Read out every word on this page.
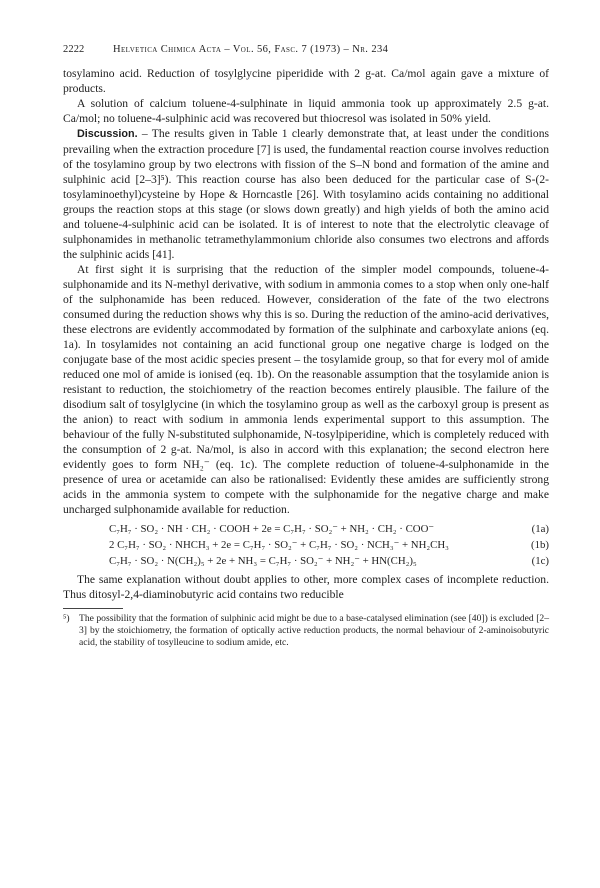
2222	Helvetica Chimica Acta – Vol. 56, Fasc. 7 (1973) – Nr. 234

tosylamino acid. Reduction of tosylglycine piperidide with 2 g-at. Ca/mol again gave a mixture of products.

A solution of calcium toluene-4-sulphinate in liquid ammonia took up approximately 2.5 g-at. Ca/mol; no toluene-4-sulphinic acid was recovered but thiocresol was isolated in 50% yield.

Discussion. – The results given in Table 1 clearly demonstrate that, at least under the conditions prevailing when the extraction procedure [7] is used, the fundamental reaction course involves reduction of the tosylamino group by two electrons with fission of the S–N bond and formation of the amine and sulphinic acid [2–3]⁵). This reaction course has also been deduced for the particular case of S-(2-tosylaminoethyl)cysteine by Hope & Horncastle [26]. With tosylamino acids containing no additional groups the reaction stops at this stage (or slows down greatly) and high yields of both the amino acid and toluene-4-sulphinic acid can be isolated. It is of interest to note that the electrolytic cleavage of sulphonamides in methanolic tetramethylammonium chloride also consumes two electrons and affords the sulphinic acids [41].

At first sight it is surprising that the reduction of the simpler model compounds, toluene-4-sulphonamide and its N-methyl derivative, with sodium in ammonia comes to a stop when only one-half of the sulphonamide has been reduced. However, consideration of the fate of the two electrons consumed during the reduction shows why this is so. During the reduction of the amino-acid derivatives, these electrons are evidently accommodated by formation of the sulphinate and carboxylate anions (eq. 1a). In tosylamides not containing an acid functional group one negative charge is lodged on the conjugate base of the most acidic species present – the tosylamide group, so that for every mol of amide reduced one mol of amide is ionised (eq. 1b). On the reasonable assumption that the tosylamide anion is resistant to reduction, the stoichiometry of the reaction becomes entirely plausible. The failure of the disodium salt of tosylglycine (in which the tosylamino group as well as the carboxyl group is present as the anion) to react with sodium in ammonia lends experimental support to this assumption. The behaviour of the fully N-substituted sulphonamide, N-tosylpiperidine, which is completely reduced with the consumption of 2 g-at. Na/mol, is also in accord with this explanation; the second electron here evidently goes to form NH₂⁻ (eq. 1c). The complete reduction of toluene-4-sulphonamide in the presence of urea or acetamide can also be rationalised: Evidently these amides are sufficiently strong acids in the ammonia system to compete with the sulphonamide for the negative charge and make uncharged sulphonamide available for reduction.

C₇H₇ · SO₂ · NH · CH₂ · COOH + 2e = C₇H₇ · SO₂⁻ + NH₂ · CH₂ · COO⁻	(1a)
2 C₇H₇ · SO₂ · NHCH₃ + 2e = C₇H₇ · SO₂⁻ + C₇H₇ · SO₂ · NCH₃⁻ + NH₂CH₃	(1b)
C₇H₇ · SO₂ · N(CH₂)₅ + 2e + NH₃ = C₇H₇ · SO₂⁻ + NH₂⁻ + HN(CH₂)₅	(1c)

The same explanation without doubt applies to other, more complex cases of incomplete reduction. Thus ditosyl-2,4-diaminobutyric acid contains two reducible

⁵) The possibility that the formation of sulphinic acid might be due to a base-catalysed elimination (see [40]) is excluded [2–3] by the stoichiometry, the formation of optically active reduction products, the normal behaviour of 2-aminoisobutyric acid, the stability of tosylleucine to sodium amide, etc.
